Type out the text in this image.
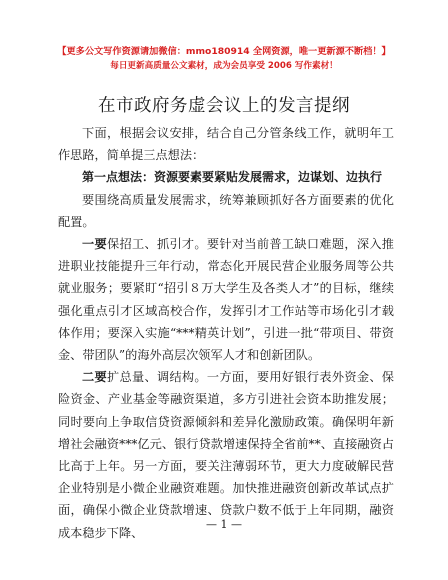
【更多公文写作资源请加微信：mmo180914 全网资源，唯一更新源不断档！】
每日更新高质量公文素材，成为会员享受 2006 写作素材！
在市政府务虚会议上的发言提纲

下面，根据会议安排，结合自己分管条线工作，就明年工作思路，简单提三点想法：

第一点想法：资源要素要紧贴发展需求，边谋划、边执行

要围绕高质量发展需求，统筹兼顾抓好各方面要素的优化配置。

一要保招工、抓引才。要针对当前普工缺口难题，深入推进职业技能提升三年行动，常态化开展民营企业服务周等公共就业服务；要紧盯“招引８万大学生及各类人才”的目标，继续强化重点引才区域高校合作，发挥引才工作站等市场化引才载体作用；要深入实施“***精英计划”，引进一批“带项目、带资金、带团队”的海外高层次领军人才和创新团队。

二要扩总量、调结构。一方面，要用好银行表外资金、保险资金、产业基金等融资渠道，多方引进社会资本助推发展；同时要向上争取信贷资源倾斜和差异化激励政策。确保明年新增社会融资***亿元、银行贷款增速保持全省前**、直接融资占比高于上年。另一方面，要关注薄弱环节，更大力度破解民营企业特别是小微企业融资难题。加快推进融资创新改革试点扩面，确保小微企业贷款增速、贷款户数不低于上年同期，融资成本稳步下降、

— 1 —
